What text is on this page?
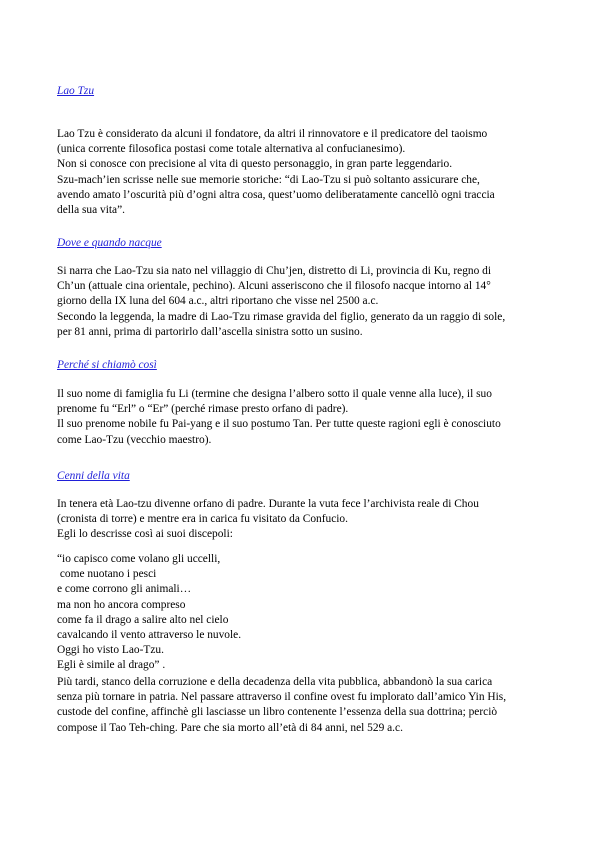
Lao Tzu

Lao Tzu è considerato da alcuni il fondatore, da altri il rinnovatore e il predicatore del taoismo

(unica corrente filosofica postasi come totale alternativa al confucianesimo).

Non si conosce con precisione al vita di questo personaggio, in gran parte leggendario.

Szu-mach’ien scrisse nelle sue memorie storiche: “di Lao-Tzu si può soltanto assicurare che,

avendo amato l’oscurità più d’ogni altra cosa, quest’uomo deliberatamente cancellò ogni traccia

della sua vita”.

Dove e quando nacque

Si narra che Lao-Tzu sia nato nel villaggio di Chu’jen, distretto di Li, provincia di Ku, regno di

Ch’un (attuale cina orientale, pechino). Alcuni asseriscono che il filosofo nacque intorno al 14°

giorno della IX luna del 604 a.c., altri riportano che visse nel 2500 a.c.

Secondo la leggenda, la madre di Lao-Tzu rimase gravida del figlio, generato da un raggio di sole,

per 81 anni, prima di partorirlo dall’ascella sinistra sotto un susino.

Perché si chiamò così

Il suo nome di famiglia fu Li (termine che designa l’albero sotto il quale venne alla luce), il suo

prenome fu “Erl” o “Er” (perché rimase presto orfano di padre).

Il suo prenome nobile fu Pai-yang e il suo postumo Tan. Per tutte queste ragioni egli è conosciuto

come Lao-Tzu (vecchio maestro).

Cenni della vita

In tenera età Lao-tzu divenne orfano di padre. Durante la vuta fece l’archivista reale di Chou

(cronista di torre) e mentre era in carica fu visitato da Confucio.

Egli lo descrisse così ai suoi discepoli:

“io capisco come volano gli uccelli,

come nuotano i pesci

e come corrono gli animali…

ma non ho ancora compreso

come fa il drago a salire alto nel cielo

cavalcando il vento attraverso le nuvole.

Oggi ho visto Lao-Tzu.

Egli è simile al drago” .

Più tardi, stanco della corruzione e della decadenza della vita pubblica, abbandonò la sua carica

senza più tornare in patria. Nel passare attraverso il confine ovest fu implorato dall’amico Yin His,

custode del confine, affinchè gli lasciasse un libro contenente l’essenza della sua dottrina; perciò

compose il Tao Teh-ching. Pare che sia morto all’età di 84 anni, nel 529 a.c.
